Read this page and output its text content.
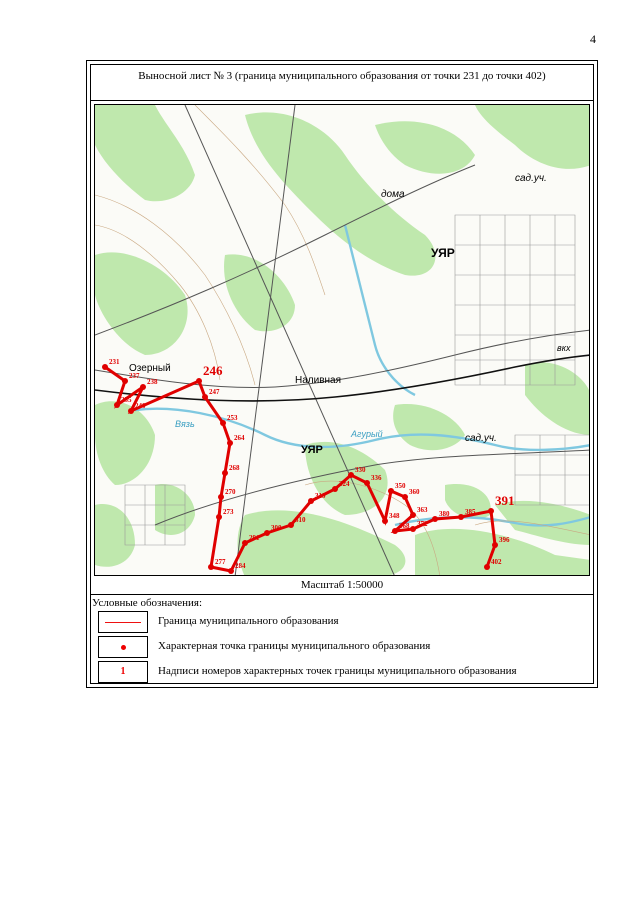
4
Выносной лист № 3 (граница муниципального образования от точки 231 до точки 402)
231
237
235
238
240
246
247
253
264
268
270
273
277 284
291
300
310
319
324
330
336
348
350
360
363
368 372
380 385
391
396
402
УЯР
УЯР
Озерный
Наливная
дома
сад.уч.
сад.уч.
вкх
Вязь
Агурый
Масштаб 1:50000
Условные обозначения:
Граница муниципального образования
Характерная точка границы муниципального образования
1	Надписи номеров характерных точек границы муниципального образования
